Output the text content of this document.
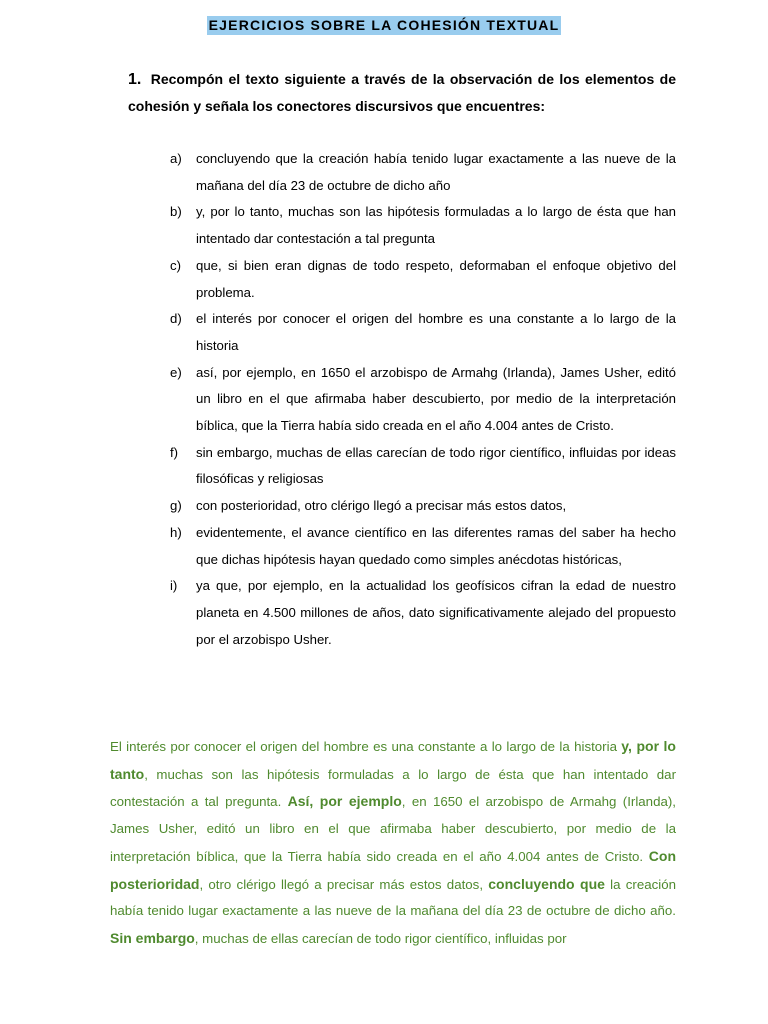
EJERCICIOS SOBRE LA COHESIÓN TEXTUAL
1. Recompón el texto siguiente a través de la observación de los elementos de cohesión y señala los conectores discursivos que encuentres:
a)	concluyendo que la creación había tenido lugar exactamente a las nueve de la mañana del día 23 de octubre de dicho año
b)	y, por lo tanto, muchas son las hipótesis formuladas a lo largo de ésta que han intentado dar contestación a tal pregunta
c)	que, si bien eran dignas de todo respeto, deformaban el enfoque objetivo del problema.
d)	el interés por conocer el origen del hombre es una constante a lo largo de la historia
e)	así, por ejemplo, en 1650 el arzobispo de Armahg (Irlanda), James Usher, editó un libro en el que afirmaba haber descubierto, por medio de la interpretación bíblica, que la Tierra había sido creada en el año 4.004 antes de Cristo.
f)	sin embargo, muchas de ellas carecían de todo rigor científico, influidas por ideas filosóficas y religiosas
g)	con posterioridad, otro clérigo llegó a precisar más estos datos,
h)	evidentemente, el avance científico en las diferentes ramas del saber ha hecho que dichas hipótesis hayan quedado como simples anécdotas históricas,
i)	ya que, por ejemplo, en la actualidad los geofísicos cifran la edad de nuestro planeta en 4.500 millones de años, dato significativamente alejado del propuesto por el arzobispo Usher.

El interés por conocer el origen del hombre es una constante a lo largo de la historia y, por lo tanto, muchas son las hipótesis formuladas a lo largo de ésta que han intentado dar contestación a tal pregunta. Así, por ejemplo, en 1650 el arzobispo de Armahg (Irlanda), James Usher, editó un libro en el que afirmaba haber descubierto, por medio de la interpretación bíblica, que la Tierra había sido creada en el año 4.004 antes de Cristo. Con posterioridad, otro clérigo llegó a precisar más estos datos, concluyendo que la creación había tenido lugar exactamente a las nueve de la mañana del día 23 de octubre de dicho año. Sin embargo, muchas de ellas carecían de todo rigor científico, influidas por
